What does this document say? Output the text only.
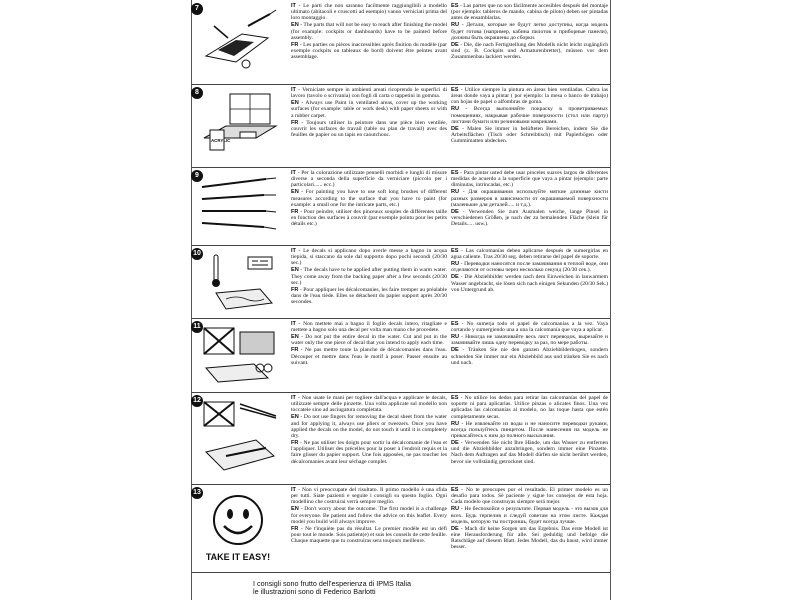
7	IT - Le parti che non saranno facilmente raggiungibili a modello ultimato (abitacoli e cruscotti ad esempio) vanno verniciati prima del loro montaggio.

EN - The parts that will not be easy to reach after finishing the model (for example: cockpits or dashboards) have to be painted before assembly.

FR - Les parties ou pièces inaccessibles après finition du modèle (par exemple cockpits ou tableaux de bord) doivent être peintes avant assemblage.

ES - Las partes que no son fácilmente accesibles después del montaje (por ejemplo: tableros de mando, cabina de piloto) deben ser pintadas antes de ensamblarlas.

RU - Детали, которые не будут легко доступны, когда модель будет готова (например, кабина пилотов и приборные панели), должны быть окрашены до сборки.

DE - Die, die nach Fertigstellung des Modells nicht leicht zugänglich sind (z. B. Cockpits und Armaturenbretter), müssen vor dem Zusammenbau lackiert werden.

8
ACRYLIC

IT - Verniciate sempre in ambienti areati ricoprendo le superfici di lavoro (tavolo o scrivania) con fogli di carta o tappetini in gomma.

EN - Always use Paint in ventilated areas, cover up the working surfaces (for example: table or work desk) with paper sheets or with a rubber carpet.

FR - Toujours utiliser la peinture dans une pièce bien ventilée, couvrir les surfaces de travail (table ou plan de travail) avec des feuilles de papier ou un tapis en caoutchouc.

ES - Utilice siempre la pintura en áreas bien ventiladas. Cubra las áreas donde vaya a pintar ( por ejemplo: la mesa o banco de trabajo) con hojas de papel o alfombras de goma.

RU - Всегда выполняйте покраску в проветриваемых помещениях, накрывая рабочие поверхности (стол или парту) листами бумаги или резиновыми ковриками.

DE - Malen Sie immer in belüfteten Bereichen, indem Sie die Arbeitsflächen (Tisch oder Schreibtisch) mit Papierbögen oder Gummimatten abdecken.

9	IT - Per la colorazione utilizzate pennelli morbidi e lunghi di misure diverse a seconda della superficie da verniciare (piccolo per i particolari...... ecc.)

EN - For painting you have to use soft long brushes of different measures according to the surface that you have to paint (for example: a small one for the intricate parts, etc.)

FR - Pour peindre, utiliser des pinceaux souples de différentes taille en fonction des surfaces à couvrir (par exemple pointu pour les petits détails etc.)

ES - Para pintar usted debe usar pinceles suaves largos de diferentes medidas de acuerdo a la superficie que vaya a pintar (ejemplo: parte diminutas, intrincadas, etc.)

RU - Для окрашивания используйте мягкие длинные кисти разных размеров в зависимости от окрашиваемой поверхности (маленькие для деталей..... и т.д.).

DE - Verwenden Sie zum Ausmalen weiche, lange Pinsel in verschiedenen Größen, je nach der zu bemalenden Fläche (klein für Details..... usw.).

10	IT - Le decals si applicano dopo averle messe a bagno in acqua tiepida, si staccano da sole dal supporto dopo pochi secondi (20/30 sec.)

EN - The decals have to be applied after putting them in warm water. They come away from the backing paper after a few seconds (20/30 sec.)

FR - Pour appliquer les décalcomanies, les faire tremper au préalable dans de l'eau tiède. Elles se détachent du papier support après 20/30 secondes.

ES - Las calcomanías deben aplicarse después de sumergirlas en agua caliente. Tras 20/30 seg. deben retirarse del papel de soporte.

RU - Переводки наносятся после замачивания в теплой воде, они отделяются от основы через несколько секунд (20/30 сек.).

DE - Die Abziehbilder werden nach dem Einweichen in lauwarmem Wasser angebracht, sie lösen sich nach einigen Sekunden (20/30 Sek.) von Untergrund ab.

11	IT - Non mettete mai a bagno il foglio decals intero, ritagliate e mettete a bagno solo una decal per volta man mano che procedete.

EN - Do not put the entire decal in the water. Cut and put in the water only the one piece of decal that you intend to apply each time.

FR - Ne pas mettre toute la planche de décalcomanies dans l'eau. Découper et mettre dans l'eau le motif à poser. Passer ensuite au suivant.

ES - No sumerja todo el papel de calcomanías a la vez. Vaya cortando y sumergiendo una a una la calcomanía que vaya a aplicar.

RU - Никогда не замачивайте весь лист переводок, вырезайте и замачивайте лишь одну переводку за раз, по мере работы.

DE - Tränken Sie nie den ganzen Abziehbilderbogen, sondern schneiden Sie immer nur ein Abziehbild aus und tränken Sie es nach und nach.

12	IT - Non usate le mani per togliere dall'acqua e applicare le decals, utilizzate sempre delle pinzette. Una volta applicate sul modello non toccatele sino ad asciugatura completata.

EN - Do not use fingers for removing the decal sheet from the water and for applying it, always use pliers or tweezers. Once you have applied the decals on the model, do not touch it until it is completely dry.

FR - Ne pas utiliser les doigts pour sortir la décalcomanie de l'eau et l'appliquer. Utiliser des précelles pour la poser à l'endroit requis et la faire glisser du papier support. Une fois apposées, ne pas toucher les décalcomanies avant leur séchage complet.

ES - No utilice los dedos para retirar las calcomanías del papel de soporte ni para aplicarlas. Utilice pinzas o alicates finos. Una vez aplicadas las calcomanías al modelo, no las toque hasta que estén completamente secas.

RU - Не извлекайте из воды и не наносите переводки руками, всегда пользуйтесь пинцетом. После нанесения на модель не прикасайтесь к ним до полного высыхания.

DE - Verwenden Sie nicht Ihre Hände, um das Wasser zu entfernen und die Abziehbilder anzubringen, sondern immer eine Pinzette. Nach dem Auftragen auf das Modell dürfen sie nicht berührt werden, bevor sie vollständig getrocknet sind.

13
TAKE IT EASY!

IT - Non vi preoccupate del risultato. Il primo modello è una sfida per tutti. Siate pazienti e seguite i consigli su questo foglio. Ogni modellino che costruirai verrà sempre meglio.

EN - Don't worry about the outcome. The first model is a challenge for everyone. Be patient and follow the advice on this leaflet. Every model you build will always improve.

FR - Ne t'inquiète pas du résultat. Le premier modèle est un défi pour tout le monde. Sois patient(e) et suis les conseils de cette feuille. Chaque maquette que tu construiras sera toujours meilleure.

ES - No te preocupes por el resultado. El primer modelo es un desafío para todos. Sé paciente y sigue los consejos de esta hoja. Cada modelo que construyas siempre será mejor.

RU - Не беспокойся о результате. Первая модель - это вызов для всех. Будь терпелив и следуй советам на этом листе. Каждая модель, которую ты построишь, будет всегда лучше.

DE - Mach dir keine Sorgen um das Ergebnis. Das erste Modell ist eine Herausforderung für alle. Sei geduldig und befolge die Ratschläge auf diesem Blatt. Jedes Modell, das du baust, wird immer besser.

I consigli sono frutto dell'esperienza di IPMS Italia
le illustrazioni sono di Federico Barlotti
